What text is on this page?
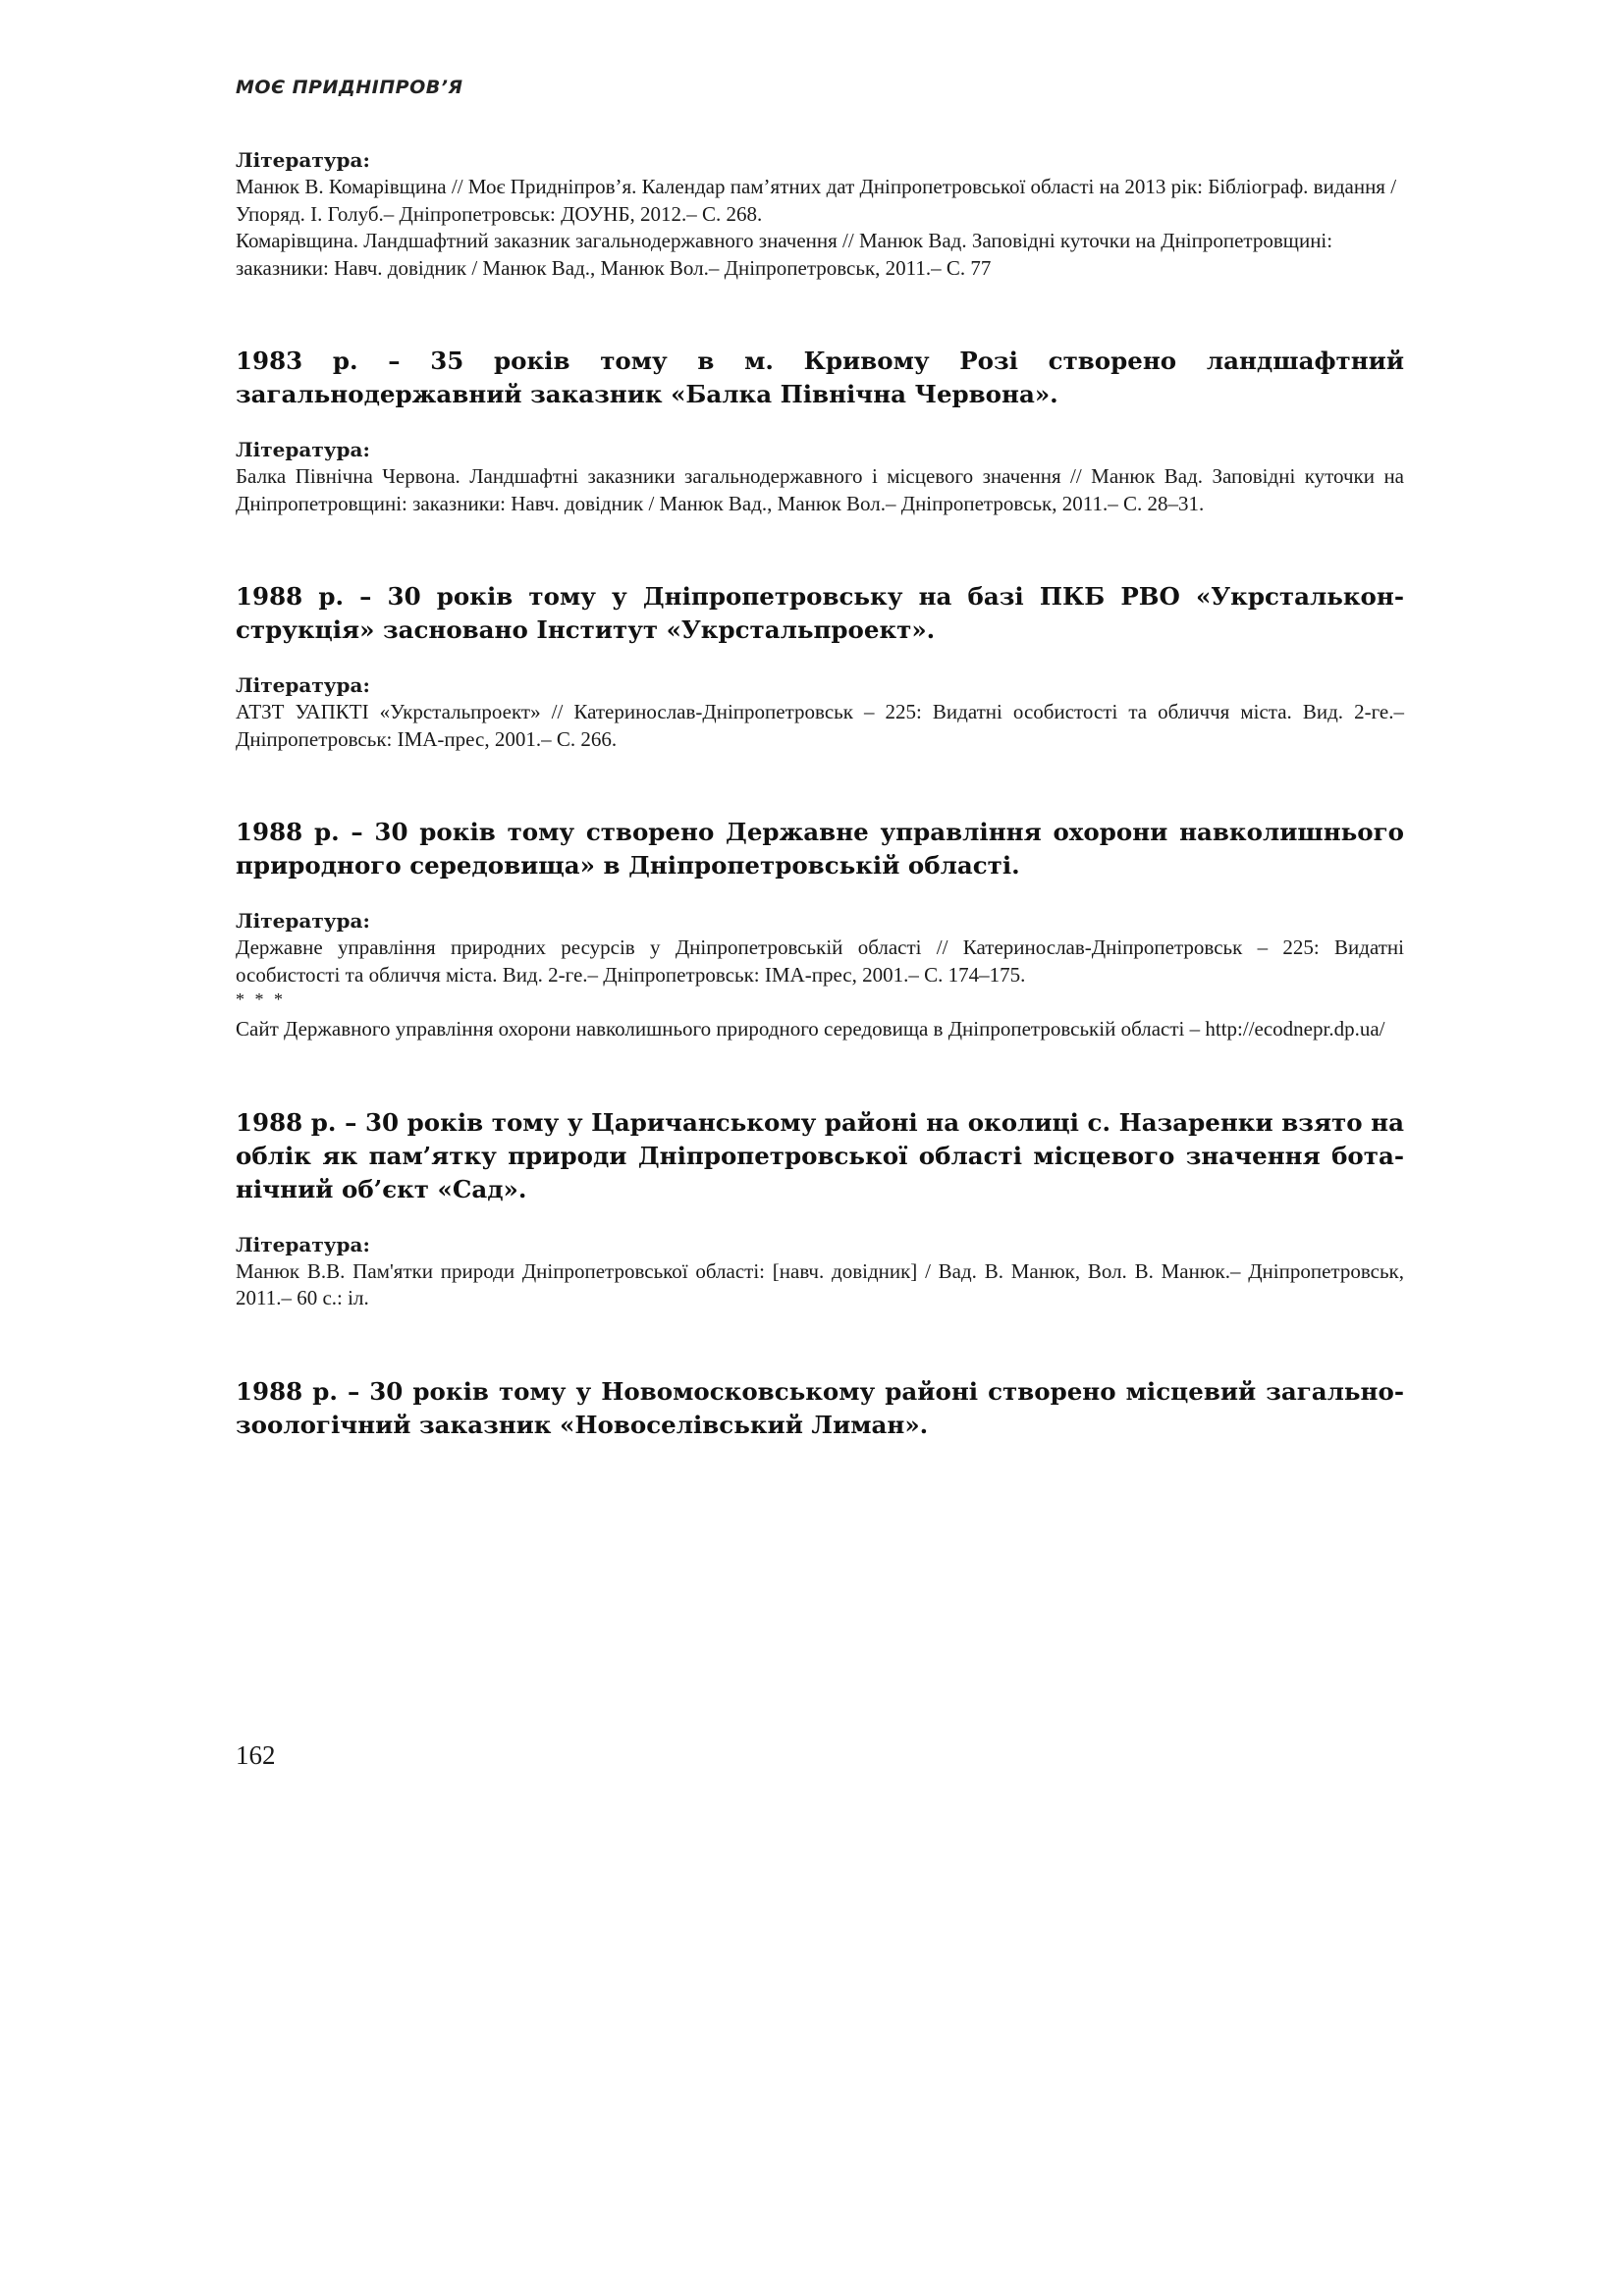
МОЄ ПРИДНІПРОВ’Я

Література:

Манюк В. Комарівщина // Моє Придніпров’я. Календар пам’ятних дат Дніпропетровської області на 2013 рік: Бібліограф. видання / Упоряд. І. Голуб.– Дніпропетровськ: ДОУНБ, 2012.– С. 268.

Комарівщина. Ландшафтний заказник загальнодержавного значення // Манюк Вад. Заповідні куточки на Дніпропетровщині: заказники: Навч. довідник / Манюк Вад., Манюк Вол.– Дніпропетровськ, 2011.– С. 77

1983 р. – 35 років тому в м. Кривому Розі створено ландшафтний загальнодержавний заказник «Балка Північна Червона».

Література:

Балка Північна Червона. Ландшафтні заказники загальнодержавного і місцевого значення // Манюк Вад. Заповідні куточки на Дніпропетровщині: заказники: Навч. довідник / Манюк Вад., Манюк Вол.– Дніпропетровськ, 2011.– С. 28–31.

1988 р. – 30 років тому у Дніпропетровську на базі ПКБ РВО «Укрстальконструкція» засновано Інститут «Укрстальпроект».

Література:

АТЗТ УАПКТІ «Укрстальпроект» // Катеринослав-Дніпропетровськ – 225: Видатні особистості та обличчя міста. Вид. 2-ге.– Дніпропетровськ: ІМА-прес, 2001.– С. 266.

1988 р. – 30 років тому створено Державне управління охорони навколишнього природного середовища» в Дніпропетровській області.

Література:

Державне управління природних ресурсів у Дніпропетровській області // Катеринослав-Дніпропетровськ – 225: Видатні особистості та обличчя міста. Вид. 2-ге.– Дніпропетровськ: ІМА-прес, 2001.– С. 174–175.

* * *

Сайт Державного управління охорони навколишнього природного середовища в Дніпропетровській області – http://ecodnepr.dp.ua/

1988 р. – 30 років тому у Царичанському районі на околиці с. Назаренки взято на облік як пам’ятку природи Дніпропетровської області місцевого значення ботанічний об’єкт «Сад».

Література:

Манюк В.В. Пам'ятки природи Дніпропетровської області: [навч. довідник] / Вад. В. Манюк, Вол. В. Манюк.– Дніпропетровськ, 2011.– 60 с.: іл.

1988 р. – 30 років тому у Новомосковському районі створено місцевий загальнозоологічний заказник «Новоселівський Лиман».

162
